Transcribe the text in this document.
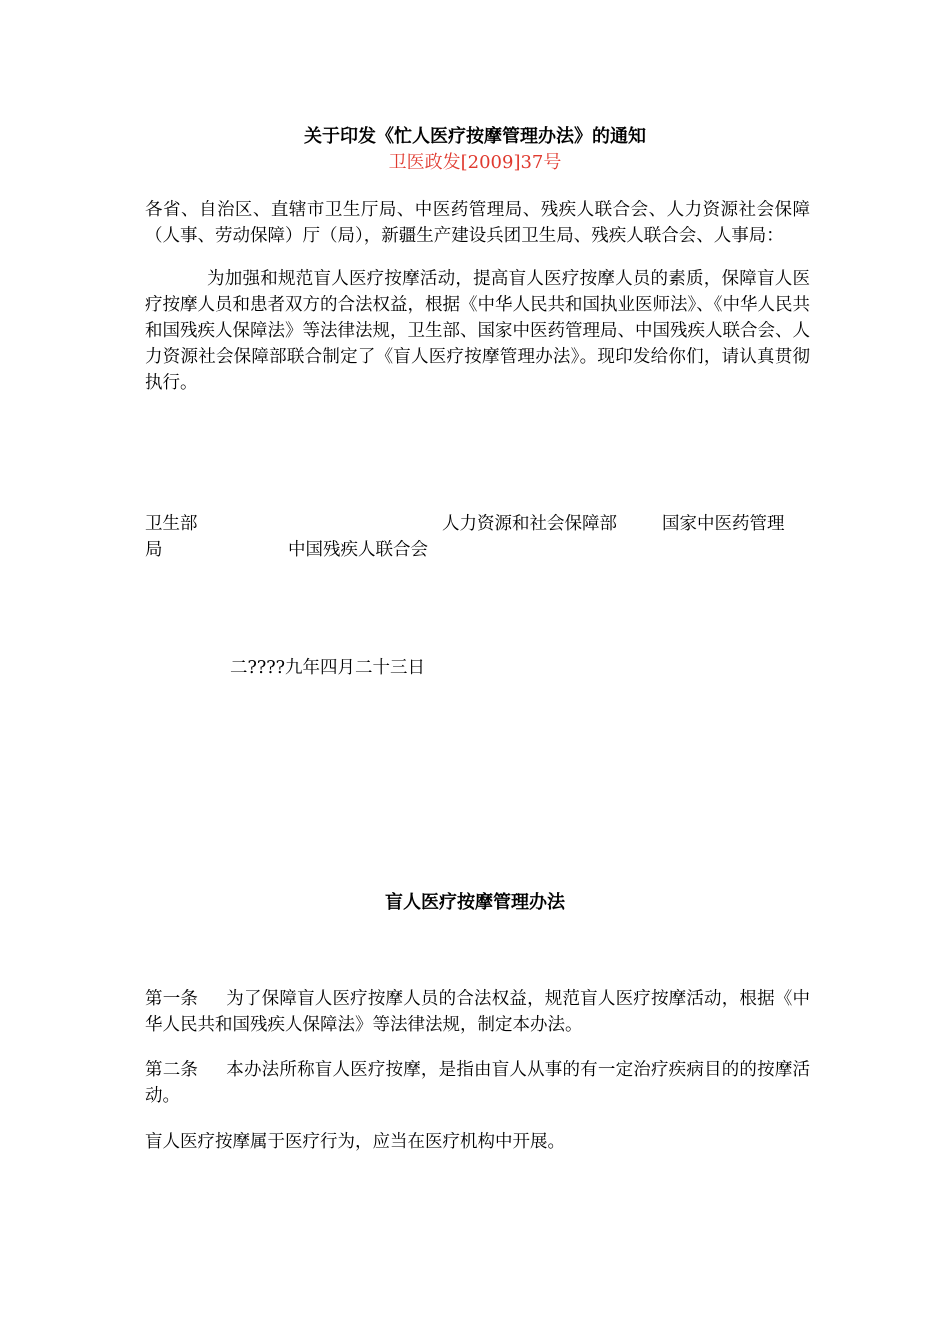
关于印发《忙人医疗按摩管理办法》的通知
卫医政发[2009]37号

各省、自治区、直辖市卫生厅局、中医药管理局、残疾人联合会、人力资源社会保障（人事、劳动保障）厅（局），新疆生产建设兵团卫生局、残疾人联合会、人事局：

为加强和规范盲人医疗按摩活动，提高盲人医疗按摩人员的素质，保障盲人医疗按摩人员和患者双方的合法权益，根据《中华人民共和国执业医师法》、《中华人民共和国残疾人保障法》等法律法规，卫生部、国家中医药管理局、中国残疾人联合会、人力资源社会保障部联合制定了《盲人医疗按摩管理办法》。现印发给你们，请认真贯彻执行。

卫生部	人力资源和社会保障部	国家中医药管理
局	中国残疾人联合会
二????九年四月二十三日
盲人医疗按摩管理办法

第一条 为了保障盲人医疗按摩人员的合法权益，规范盲人医疗按摩活动，根据《中华人民共和国残疾人保障法》等法律法规，制定本办法。

第二条 本办法所称盲人医疗按摩，是指由盲人从事的有一定治疗疾病目的的按摩活动。

盲人医疗按摩属于医疗行为，应当在医疗机构中开展。
